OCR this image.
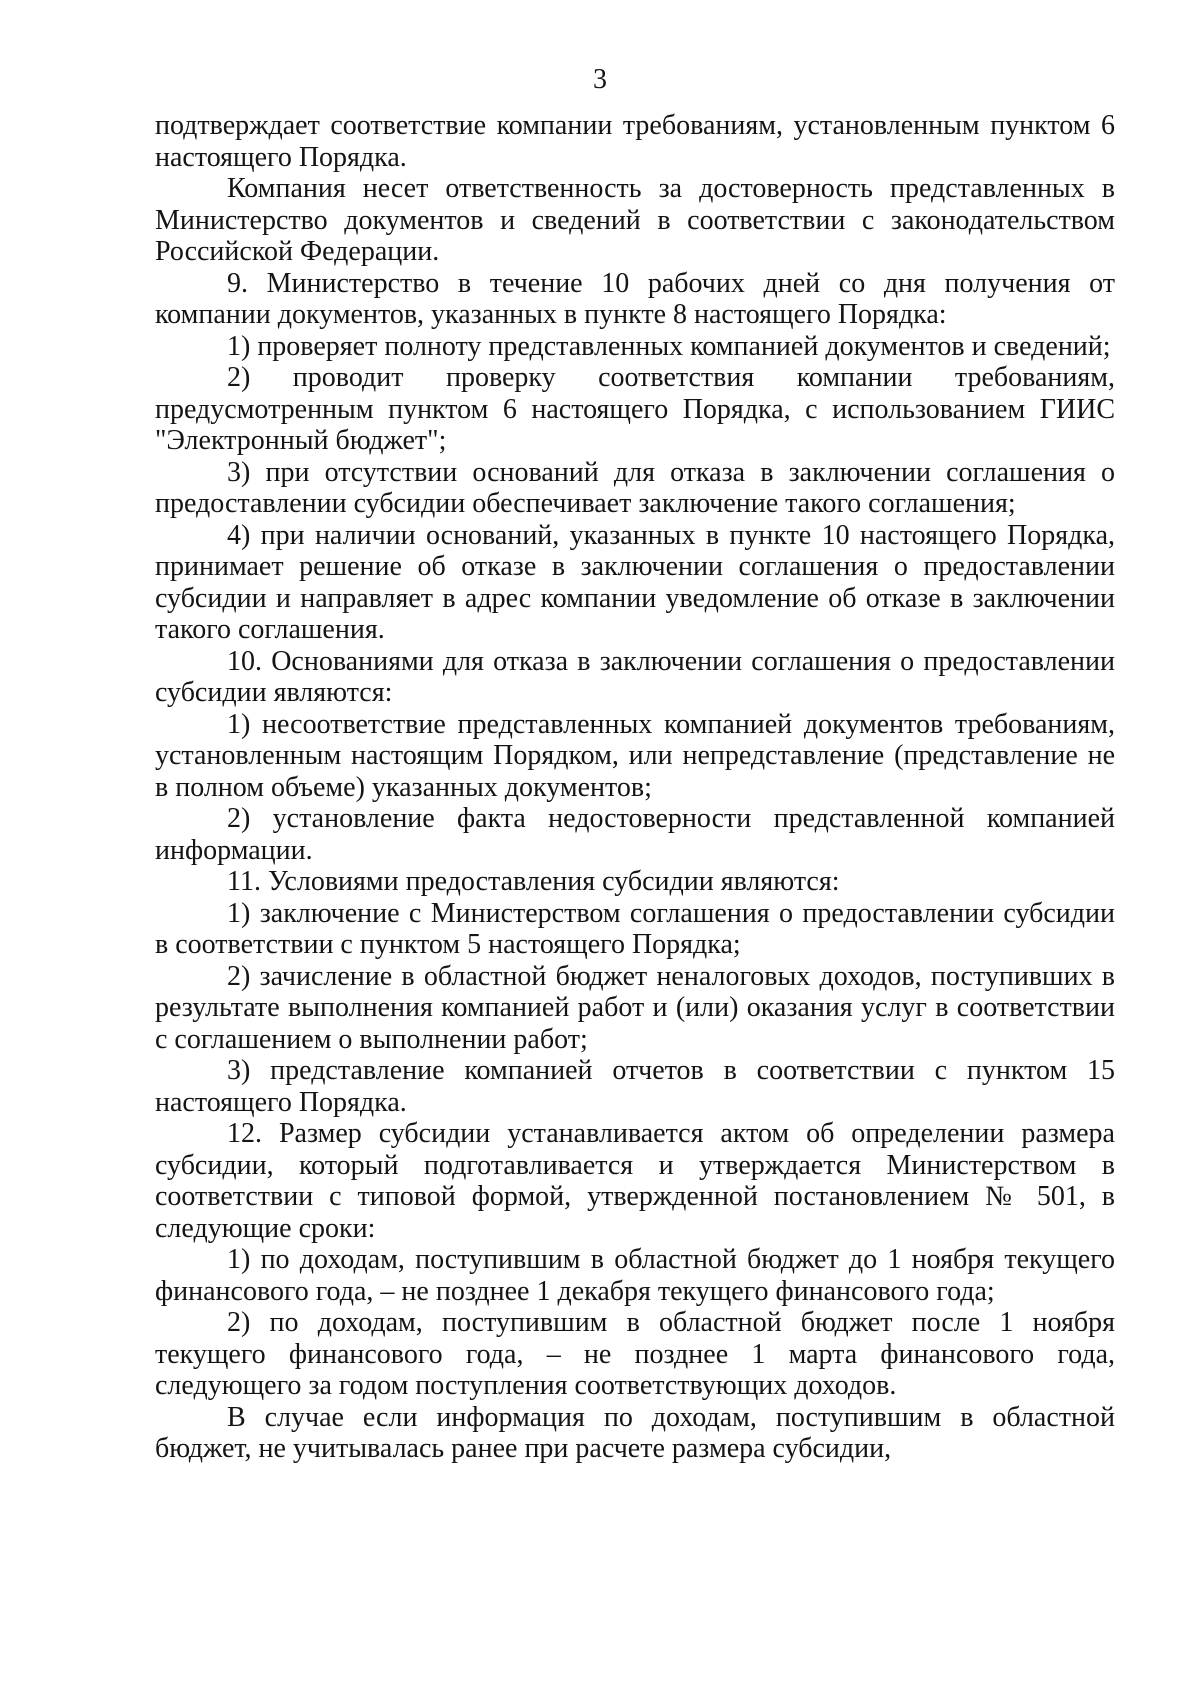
3

подтверждает соответствие компании требованиям, установленным пунктом 6 настоящего Порядка.

Компания несет ответственность за достоверность представленных в Министерство документов и сведений в соответствии с законодательством Российской Федерации.

9. Министерство в течение 10 рабочих дней со дня получения от компании документов, указанных в пункте 8 настоящего Порядка:

1) проверяет полноту представленных компанией документов и сведений;

2) проводит проверку соответствия компании требованиям, предусмотренным пунктом 6 настоящего Порядка, с использованием ГИИС "Электронный бюджет";

3) при отсутствии оснований для отказа в заключении соглашения о предоставлении субсидии обеспечивает заключение такого соглашения;

4) при наличии оснований, указанных в пункте 10 настоящего Порядка, принимает решение об отказе в заключении соглашения о предоставлении субсидии и направляет в адрес компании уведомление об отказе в заключении такого соглашения.

10. Основаниями для отказа в заключении соглашения о предоставлении субсидии являются:

1) несоответствие представленных компанией документов требованиям, установленным настоящим Порядком, или непредставление (представление не в полном объеме) указанных документов;

2) установление факта недостоверности представленной компанией информации.

11. Условиями предоставления субсидии являются:

1) заключение с Министерством соглашения о предоставлении субсидии в соответствии с пунктом 5 настоящего Порядка;

2) зачисление в областной бюджет неналоговых доходов, поступивших в результате выполнения компанией работ и (или) оказания услуг в соответствии с соглашением о выполнении работ;

3) представление компанией отчетов в соответствии с пунктом 15 настоящего Порядка.

12. Размер субсидии устанавливается актом об определении размера субсидии, который подготавливается и утверждается Министерством в соответствии с типовой формой, утвержденной постановлением № 501, в следующие сроки:

1) по доходам, поступившим в областной бюджет до 1 ноября текущего финансового года, – не позднее 1 декабря текущего финансового года;

2) по доходам, поступившим в областной бюджет после 1 ноября текущего финансового года, – не позднее 1 марта финансового года, следующего за годом поступления соответствующих доходов.

В случае если информация по доходам, поступившим в областной бюджет, не учитывалась ранее при расчете размера субсидии,
